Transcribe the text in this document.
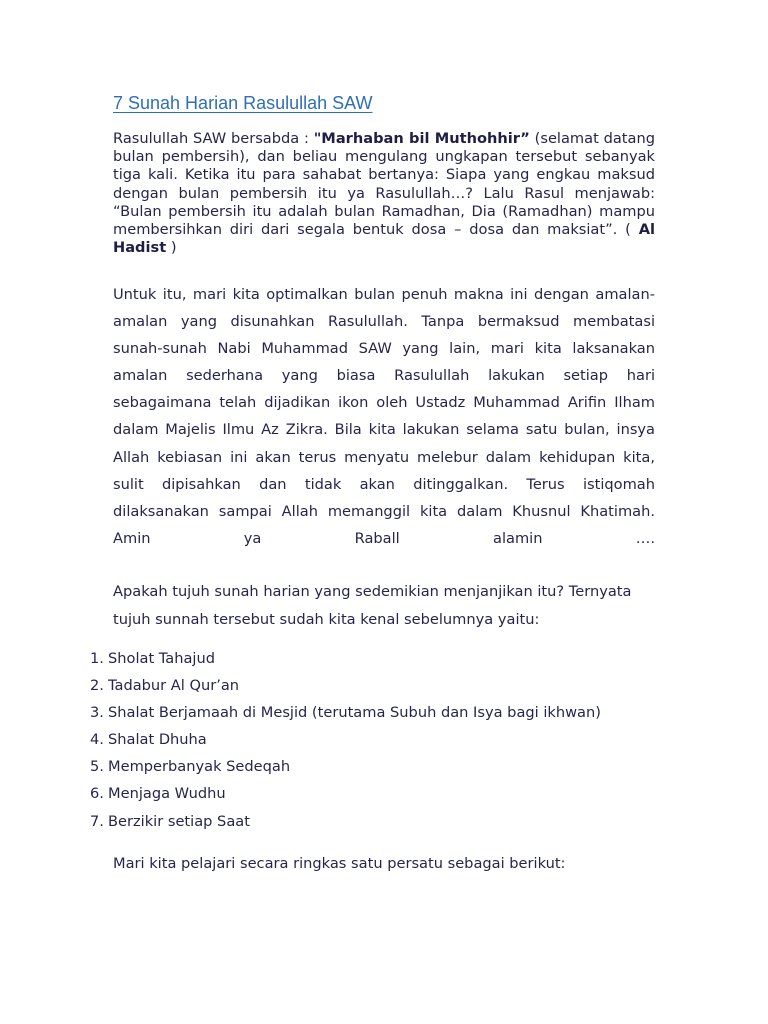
7 Sunah Harian Rasulullah SAW
Rasulullah SAW bersabda : "Marhaban bil Muthohhir” (selamat datang bulan pembersih), dan beliau mengulang ungkapan tersebut sebanyak tiga kali. Ketika itu para sahabat bertanya: Siapa yang engkau maksud dengan bulan pembersih itu ya Rasulullah…? Lalu Rasul menjawab: “Bulan pembersih itu adalah bulan Ramadhan, Dia (Ramadhan) mampu membersihkan diri dari segala bentuk dosa – dosa dan maksiat”. ( Al Hadist )
Untuk itu, mari kita optimalkan bulan penuh makna ini dengan amalan-amalan yang disunahkan Rasulullah. Tanpa bermaksud membatasi sunah-sunah Nabi Muhammad SAW yang lain, mari kita laksanakan amalan sederhana yang biasa Rasulullah lakukan setiap hari sebagaimana telah dijadikan ikon oleh Ustadz Muhammad Arifin Ilham dalam Majelis Ilmu Az Zikra. Bila kita lakukan selama satu bulan, insya Allah kebiasan ini akan terus menyatu melebur dalam kehidupan kita, sulit dipisahkan dan tidak akan ditinggalkan. Terus istiqomah dilaksanakan sampai Allah memanggil kita dalam Khusnul Khatimah. Amin ya Raball alamin ….
Apakah tujuh sunah harian yang sedemikian menjanjikan itu? Ternyata tujuh sunnah tersebut sudah kita kenal sebelumnya yaitu:
1. Sholat Tahajud
2. Tadabur Al Qur’an
3. Shalat Berjamaah di Mesjid (terutama Subuh dan Isya bagi ikhwan)
4. Shalat Dhuha
5. Memperbanyak Sedeqah
6. Menjaga Wudhu
7. Berzikir setiap Saat
Mari kita pelajari secara ringkas satu persatu sebagai berikut:
